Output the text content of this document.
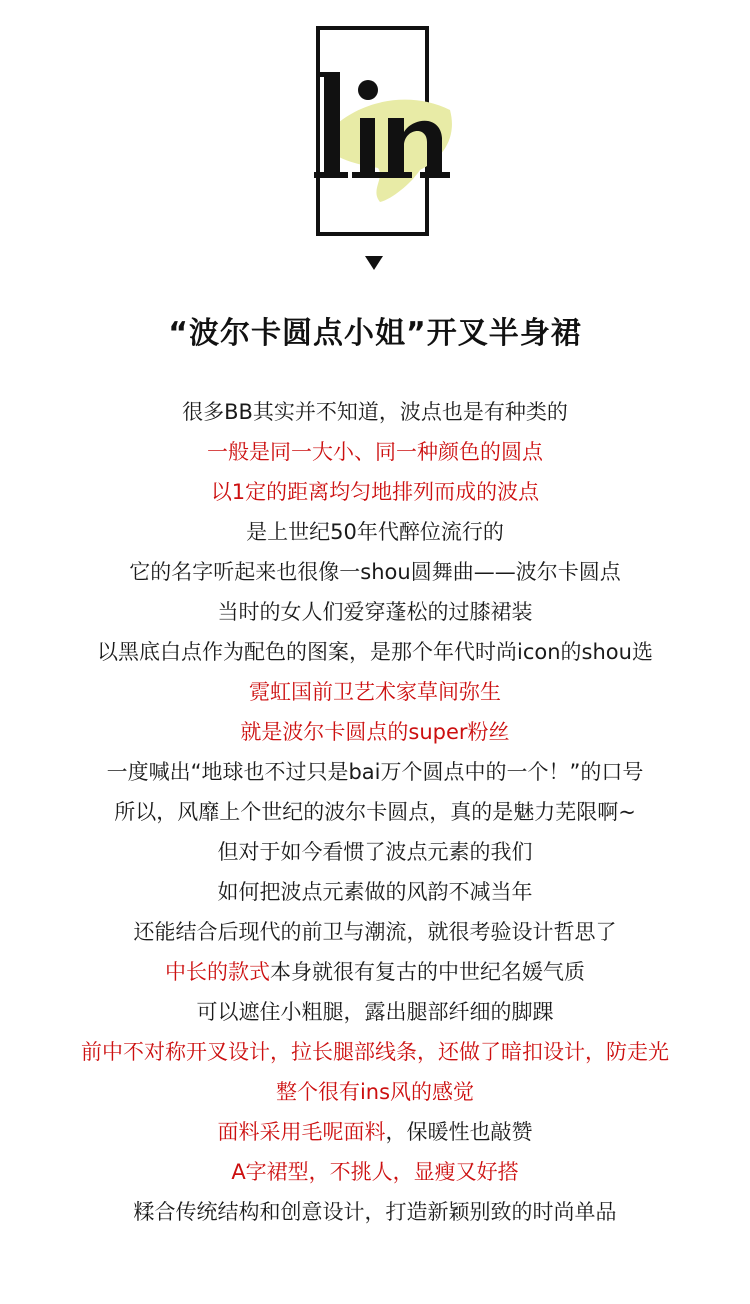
“波尔卡圆点小姐”开叉半身裙
很多BB其实并不知道，波点也是有种类的
一般是同一大小、同一种颜色的圆点
以1定的距离均匀地排列而成的波点
是上世纪50年代醉位流行的
它的名字听起来也很像一shou圆舞曲——波尔卡圆点
当时的女人们爱穿蓬松的过膝裙装
以黑底白点作为配色的图案，是那个年代时尚icon的shou选
霓虹国前卫艺术家草间弥生
就是波尔卡圆点的super粉丝
一度喊出“地球也不过只是bai万个圆点中的一个！”的口号
所以，风靡上个世纪的波尔卡圆点，真的是魅力芜限啊~
但对于如今看惯了波点元素的我们
如何把波点元素做的风韵不减当年
还能结合后现代的前卫与潮流，就很考验设计哲思了
中长的款式本身就很有复古的中世纪名媛气质
可以遮住小粗腿，露出腿部纤细的脚踝
前中不对称开叉设计，拉长腿部线条，还做了暗扣设计，防走光
整个很有ins风的感觉
面料采用毛呢面料，保暖性也敲赞
A字裙型，不挑人，显瘦又好搭
糅合传统结构和创意设计，打造新颖别致的时尚单品
